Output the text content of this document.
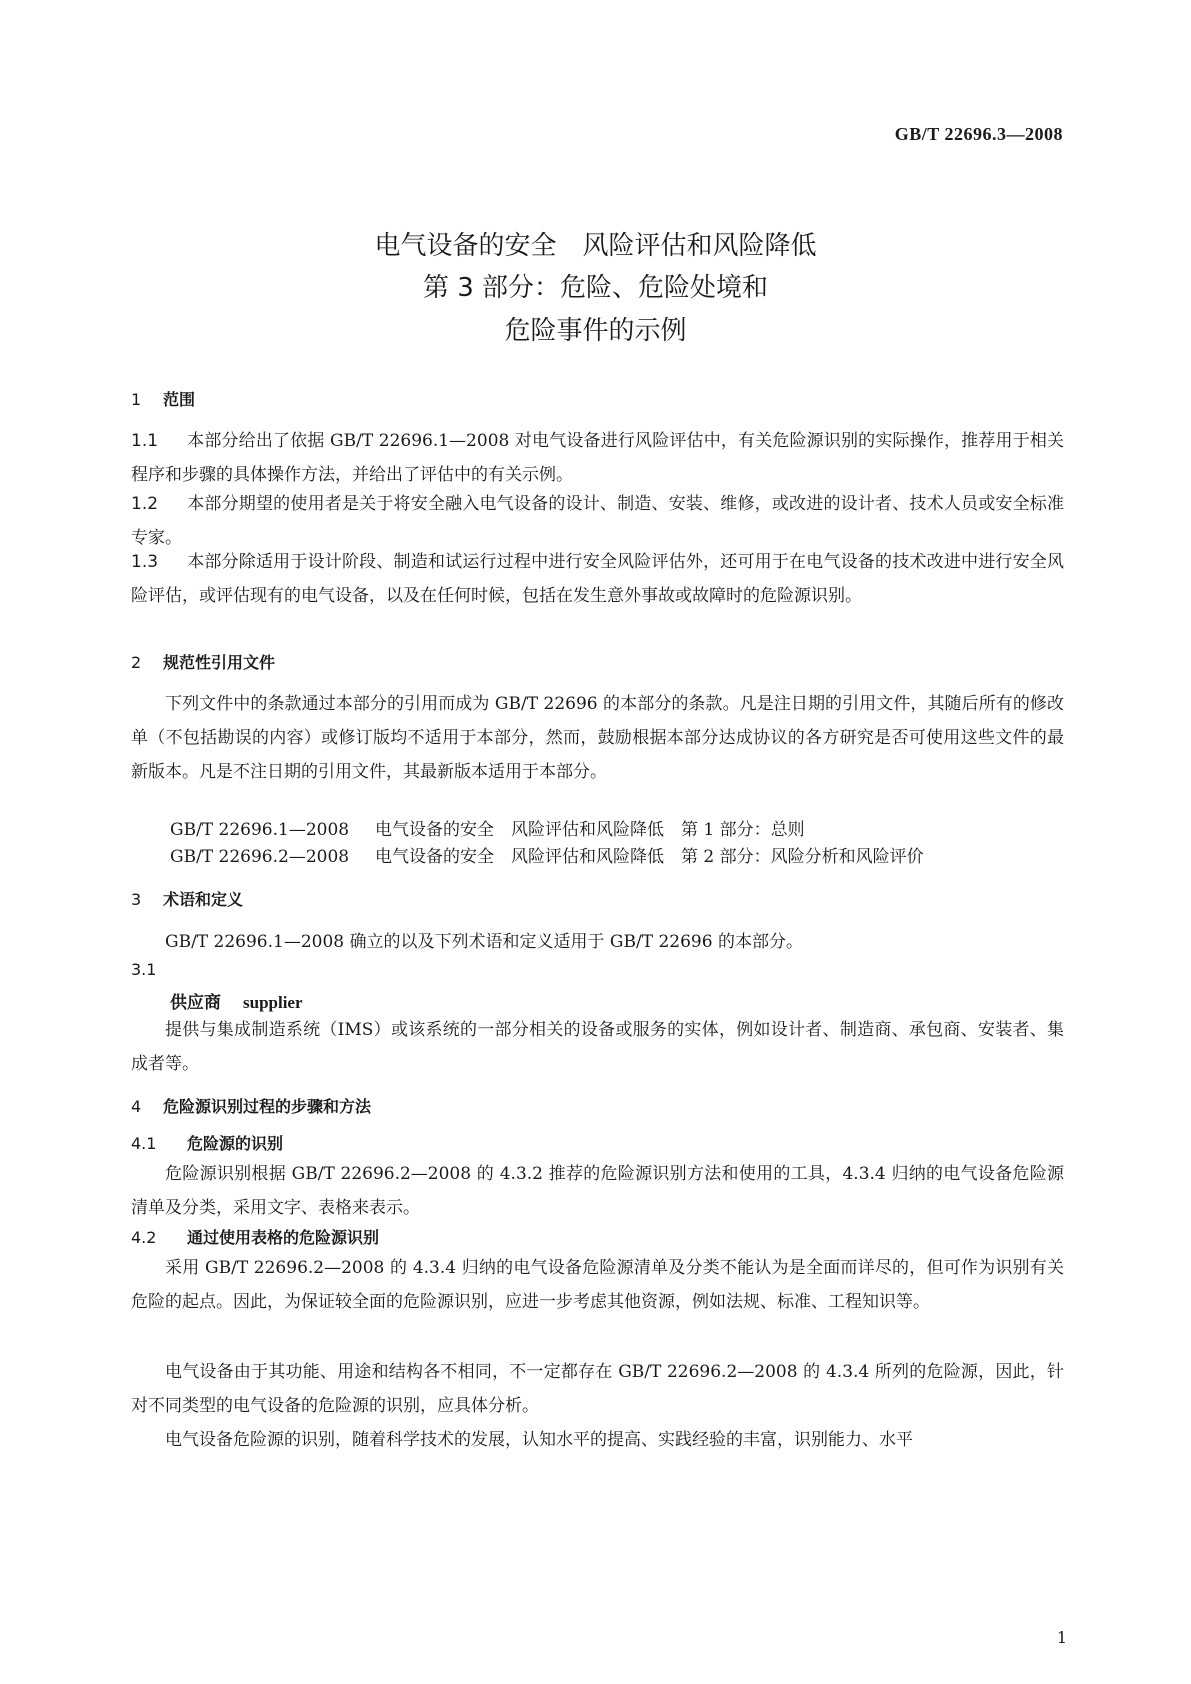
GB/T 22696.3—2008
电气设备的安全　风险评估和风险降低
第 3 部分：危险、危险处境和
危险事件的示例
1 范围
1.1 本部分给出了依据 GB/T 22696.1—2008 对电气设备进行风险评估中，有关危险源识别的实际操作，推荐用于相关程序和步骤的具体操作方法，并给出了评估中的有关示例。
1.2 本部分期望的使用者是关于将安全融入电气设备的设计、制造、安装、维修，或改进的设计者、技术人员或安全标准专家。
1.3 本部分除适用于设计阶段、制造和试运行过程中进行安全风险评估外，还可用于在电气设备的技术改进中进行安全风险评估，或评估现有的电气设备，以及在任何时候，包括在发生意外事故或故障时的危险源识别。
2 规范性引用文件
下列文件中的条款通过本部分的引用而成为 GB/T 22696 的本部分的条款。凡是注日期的引用文件，其随后所有的修改单（不包括勘误的内容）或修订版均不适用于本部分，然而，鼓励根据本部分达成协议的各方研究是否可使用这些文件的最新版本。凡是不注日期的引用文件，其最新版本适用于本部分。
GB/T 22696.1—2008 电气设备的安全　风险评估和风险降低　第 1 部分：总则
GB/T 22696.2—2008 电气设备的安全　风险评估和风险降低　第 2 部分：风险分析和风险评价
3 术语和定义
GB/T 22696.1—2008 确立的以及下列术语和定义适用于 GB/T 22696 的本部分。
3.1
供应商 supplier
提供与集成制造系统（IMS）或该系统的一部分相关的设备或服务的实体，例如设计者、制造商、承包商、安装者、集成者等。
4 危险源识别过程的步骤和方法
4.1 危险源的识别
危险源识别根据 GB/T 22696.2—2008 的 4.3.2 推荐的危险源识别方法和使用的工具，4.3.4 归纳的电气设备危险源清单及分类，采用文字、表格来表示。
4.2 通过使用表格的危险源识别
采用 GB/T 22696.2—2008 的 4.3.4 归纳的电气设备危险源清单及分类不能认为是全面而详尽的，但可作为识别有关危险的起点。因此，为保证较全面的危险源识别，应进一步考虑其他资源，例如法规、标准、工程知识等。
电气设备由于其功能、用途和结构各不相同，不一定都存在 GB/T 22696.2—2008 的 4.3.4 所列的危险源，因此，针对不同类型的电气设备的危险源的识别，应具体分析。
电气设备危险源的识别，随着科学技术的发展，认知水平的提高、实践经验的丰富，识别能力、水平
1
